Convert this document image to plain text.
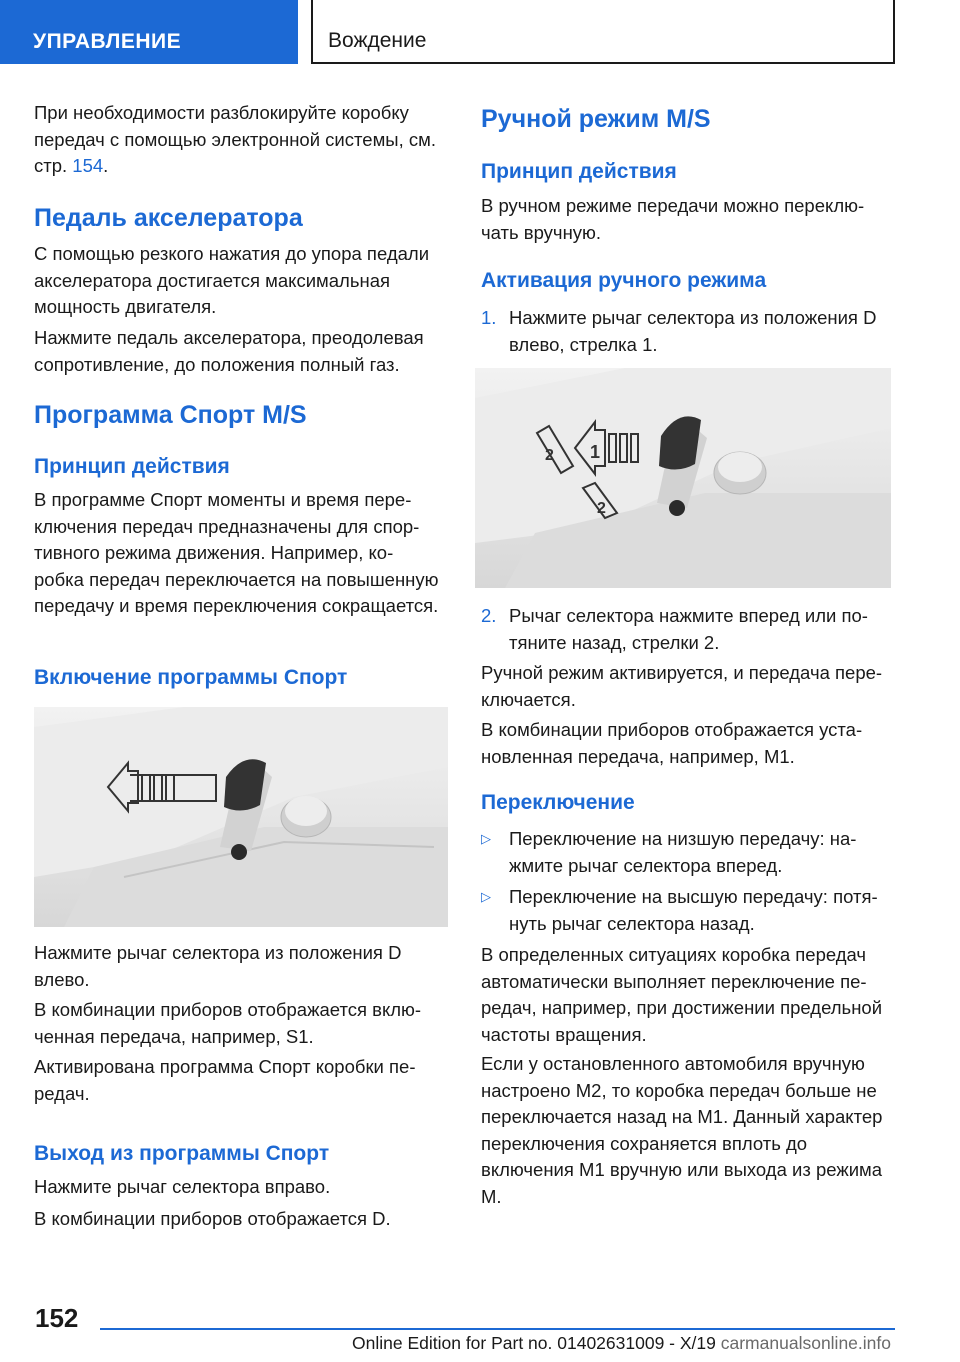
УПРАВЛЕНИЕ	Вождение

При необходимости разблокируйте коробку передач с помощью электронной системы, см. стр. 154.

Педаль акселератора

С помощью резкого нажатия до упора педали акселератора достигается максимальная мощность двигателя.

Нажмите педаль акселератора, преодолевая сопротивление, до положения полный газ.

Программа Спорт M/S
Принцип действия

В программе Спорт моменты и время пере- ключения передач предназначены для спор- тивного режима движения. Например, ко- робка передач переключается на повышенную передачу и время переключения сокращается.

Включение программы Спорт

Нажмите рычаг селектора из положения D влево.

В комбинации приборов отображается вклю- ченная передача, например, S1.

Активирована программа Спорт коробки пе- редач.

Выход из программы Спорт

Нажмите рычаг селектора вправо.

В комбинации приборов отображается D.

Ручной режим M/S
Принцип действия

В ручном режиме передачи можно переклю- чать вручную.

Активация ручного режима
1. Нажмите рычаг селектора из положения D влево, стрелка 1.

1
2
2
2. Рычаг селектора нажмите вперед или по- тяните назад, стрелки 2.

Ручной режим активируется, и передача пере- ключается.

В комбинации приборов отображается уста- новленная передача, например, M1.

Переключение
▷ Переключение на низшую передачу: на- жмите рычаг селектора вперед.

▷ Переключение на высшую передачу: потя- нуть рычаг селектора назад.

В определенных ситуациях коробка передач автоматически выполняет переключение пе- редач, например, при достижении предельной частоты вращения.

Если у остановленного автомобиля вручную настроено M2, то коробка передач больше не переключается назад на M1. Данный характер переключения сохраняется вплоть до включения M1 вручную или выхода из режима M.

152
Online Edition for Part no. 01402631009 - X/19 carmanualsonline.info
